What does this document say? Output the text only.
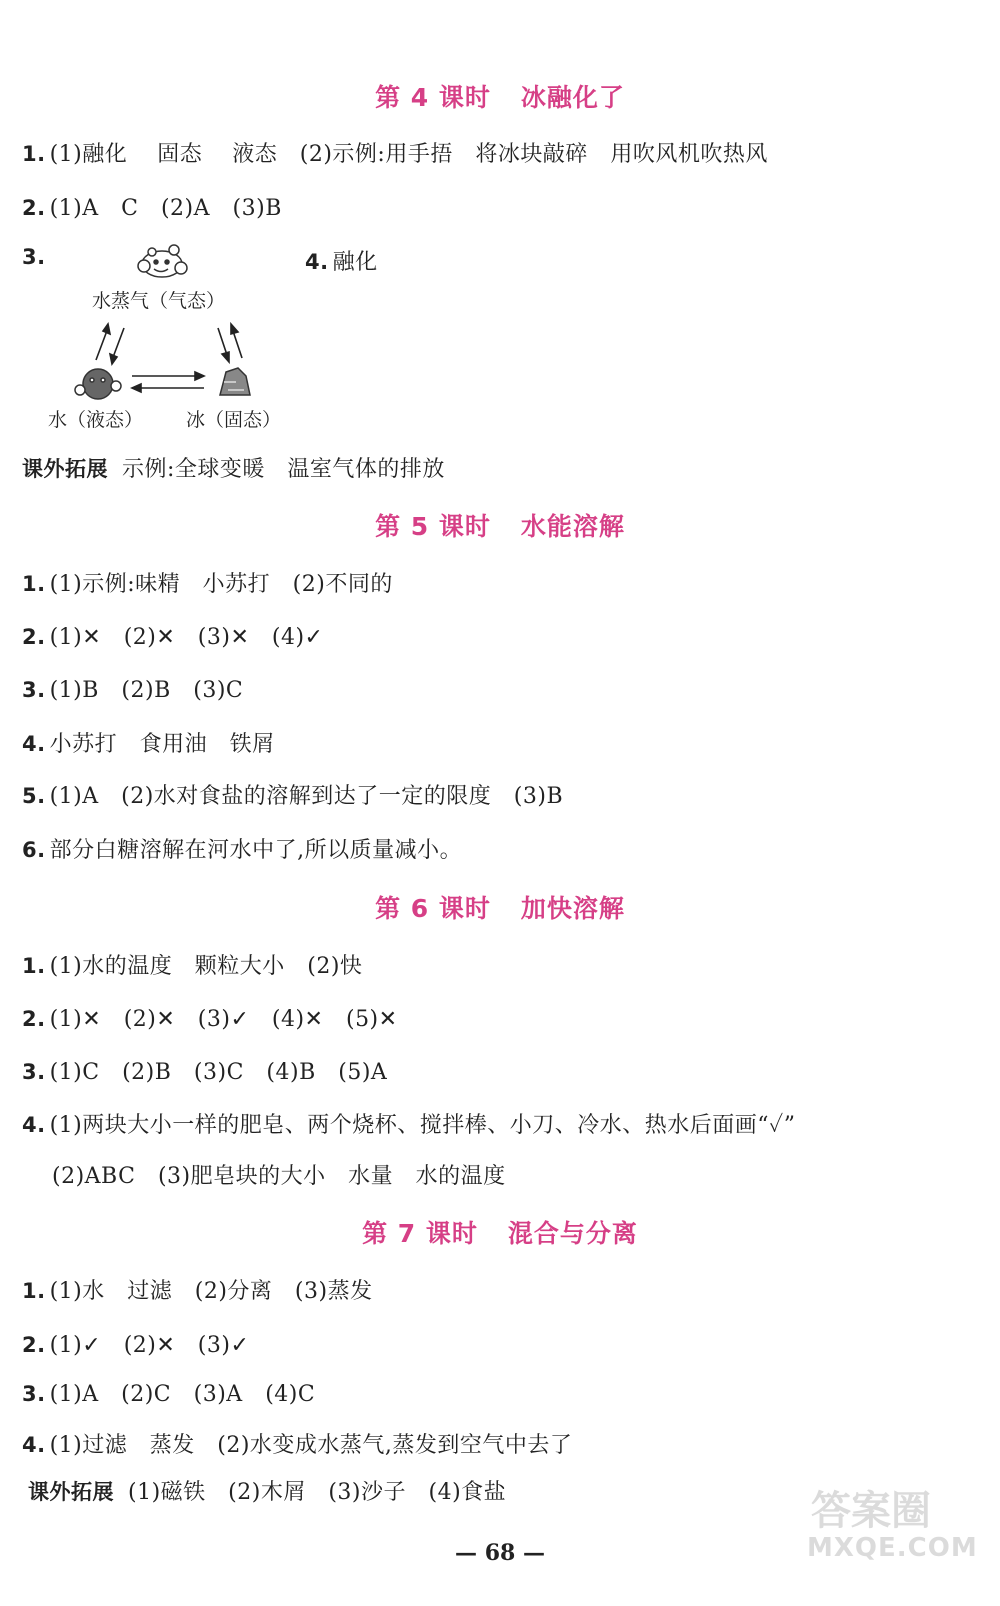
第 4 课时 冰融化了
1. (1)融化　 固态　 液态　(2)示例:用手捂　将冰块敲碎　用吹风机吹热风
2. (1)A　C　(2)A　(3)B
3.	4. 融化
水蒸气（气态）
水（液态） 冰（固态）
课外拓展 示例:全球变暖　温室气体的排放
第 5 课时 水能溶解
1. (1)示例:味精　小苏打　(2)不同的
2. (1)✕　(2)✕　(3)✕　(4)✓
3. (1)B　(2)B　(3)C
4. 小苏打　食用油　铁屑
5. (1)A　(2)水对食盐的溶解到达了一定的限度　(3)B
6. 部分白糖溶解在河水中了,所以质量减小。
第 6 课时 加快溶解
1. (1)水的温度　颗粒大小　(2)快
2. (1)✕　(2)✕　(3)✓　(4)✕　(5)✕
3. (1)C　(2)B　(3)C　(4)B　(5)A
4. (1)两块大小一样的肥皂、两个烧杯、搅拌棒、小刀、冷水、热水后面画“✓”
(2)ABC　(3)肥皂块的大小　水量　水的温度
第 7 课时 混合与分离
1. (1)水　过滤　(2)分离　(3)蒸发
2. (1)✓　(2)✕　(3)✓
3. (1)A　(2)C　(3)A　(4)C
4. (1)过滤　蒸发　(2)水变成水蒸气,蒸发到空气中去了
课外拓展 (1)磁铁　(2)木屑　(3)沙子　(4)食盐
— 68 —
答案圈
MXQE.COM
